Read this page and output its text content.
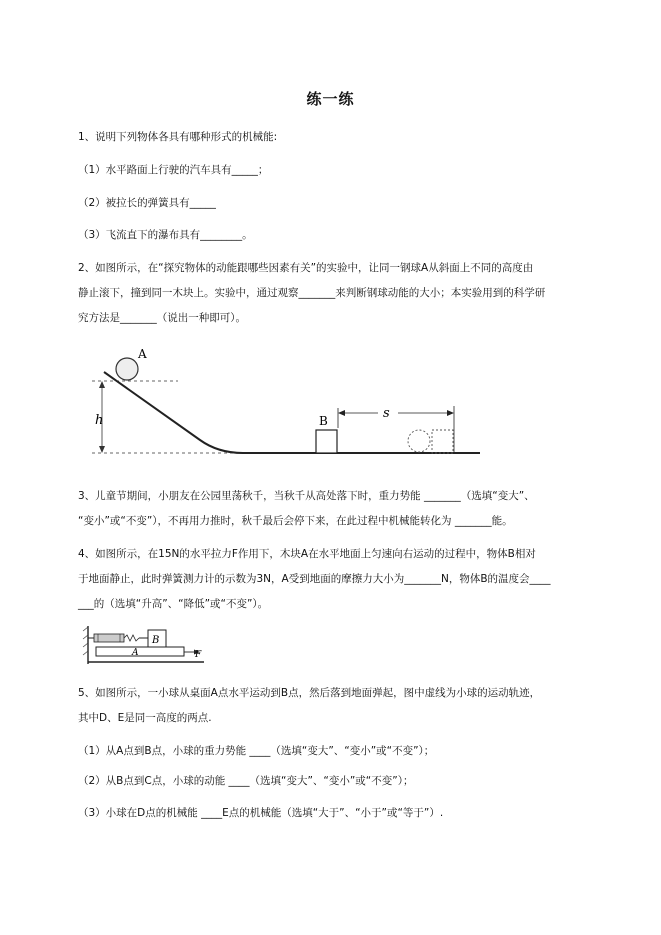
练一练
1、说明下列物体各具有哪种形式的机械能:
（1）水平路面上行驶的汽车具有_____；
（2）被拉长的弹簧具有_____
（3）飞流直下的瀑布具有________。
2、如图所示，在“探究物体的动能跟哪些因素有关”的实验中，让同一钢球A从斜面上不同的高度由
静止滚下，撞到同一木块上。实验中，通过观察_______来判断钢球动能的大小；本实验用到的科学研
究方法是_______（说出一种即可）。
h
A
B	s
3、儿童节期间，小朋友在公园里荡秋千，当秋千从高处落下时，重力势能 _______（选填“变大”、
“变小”或“不变”），不再用力推时，秋千最后会停下来，在此过程中机械能转化为 _______能。
4、如图所示，在15N的水平拉力F作用下，木块A在水平地面上匀速向右运动的过程中，物体B相对
于地面静止，此时弹簧测力计的示数为3N，A受到地面的摩擦力大小为_______N，物体B的温度会____
___的（选填“升高”、“降低”或“不变”）。
B
A	F
5、如图所示，一小球从桌面A点水平运动到B点，然后落到地面弹起，图中虚线为小球的运动轨迹，
其中D、E是同一高度的两点.
（1）从A点到B点，小球的重力势能 ____（选填“变大”、“变小”或“不变”）；
（2）从B点到C点，小球的动能 ____（选填“变大”、“变小”或“不变”）；
（3）小球在D点的机械能 ____E点的机械能（选填“大于”、“小于”或“等于”）.
